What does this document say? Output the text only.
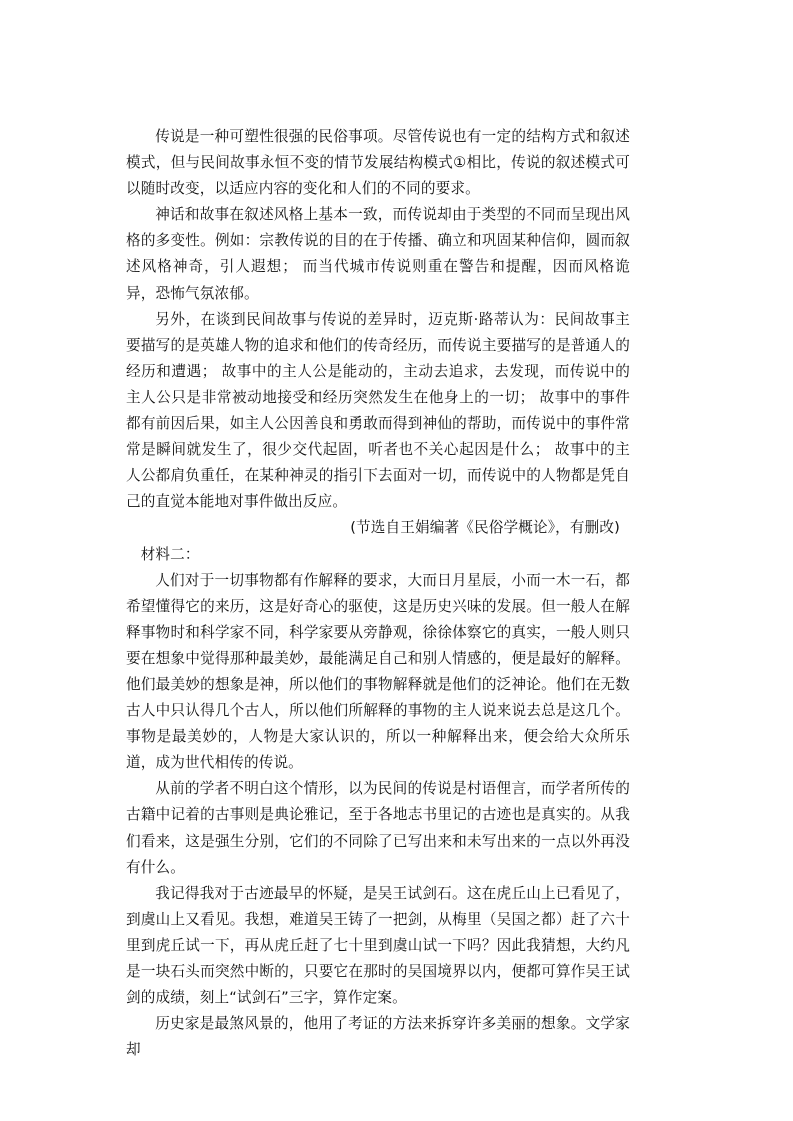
传说是一种可塑性很强的民俗事项。尽管传说也有一定的结构方式和叙述模式，但与民间故事永恒不变的情节发展结构模式①相比，传说的叙述模式可以随时改变，以适应内容的变化和人们的不同的要求。

神话和故事在叙述风格上基本一致，而传说却由于类型的不同而呈现出风格的多变性。例如：宗教传说的目的在于传播、确立和巩固某种信仰，圆而叙述风格神奇，引人遐想； 而当代城市传说则重在警告和提醒，因而风格诡异，恐怖气氛浓郁。

另外，在谈到民间故事与传说的差异时，迈克斯·路蒂认为：民间故事主要描写的是英雄人物的追求和他们的传奇经历，而传说主要描写的是普通人的经历和遭遇； 故事中的主人公是能动的，主动去追求，去发现，而传说中的主人公只是非常被动地接受和经历突然发生在他身上的一切； 故事中的事件都有前因后果，如主人公因善良和勇敢而得到神仙的帮助，而传说中的事件常常是瞬间就发生了，很少交代起固，听者也不关心起因是什么； 故事中的主人公都肩负重任，在某种神灵的指引下去面对一切，而传说中的人物都是凭自己的直觉本能地对事件做出反应。

(节选自王娟编著《民俗学概论》，有删改)

材料二：

人们对于一切事物都有作解释的要求，大而日月星辰，小而一木一石，都希望懂得它的来历，这是好奇心的驱使，这是历史兴味的发展。但一般人在解释事物时和科学家不同，科学家要从旁静观，徐徐体察它的真实，一般人则只要在想象中觉得那种最美妙，最能满足自己和别人情感的，便是最好的解释。他们最美妙的想象是神，所以他们的事物解释就是他们的泛神论。他们在无数古人中只认得几个古人，所以他们所解释的事物的主人说来说去总是这几个。事物是最美妙的，人物是大家认识的，所以一种解释出来，便会给大众所乐道，成为世代相传的传说。

从前的学者不明白这个情形，以为民间的传说是村语俚言，而学者所传的古籍中记着的古事则是典论雅记，至于各地志书里记的古迹也是真实的。从我们看来，这是强生分别，它们的不同除了已写出来和未写出来的一点以外再没有什么。

我记得我对于古迹最早的怀疑，是吴王试剑石。这在虎丘山上已看见了，到虞山上又看见。我想，难道吴王铸了一把剑，从梅里（吴国之都）赶了六十里到虎丘试一下，再从虎丘赶了七十里到虞山试一下吗？因此我猜想，大约凡是一块石头而突然中断的，只要它在那时的吴国境界以内，便都可算作吴王试剑的成绩，刻上“试剑石”三字，算作定案。

历史家是最煞风景的，他用了考证的方法来拆穿许多美丽的想象。文学家却
